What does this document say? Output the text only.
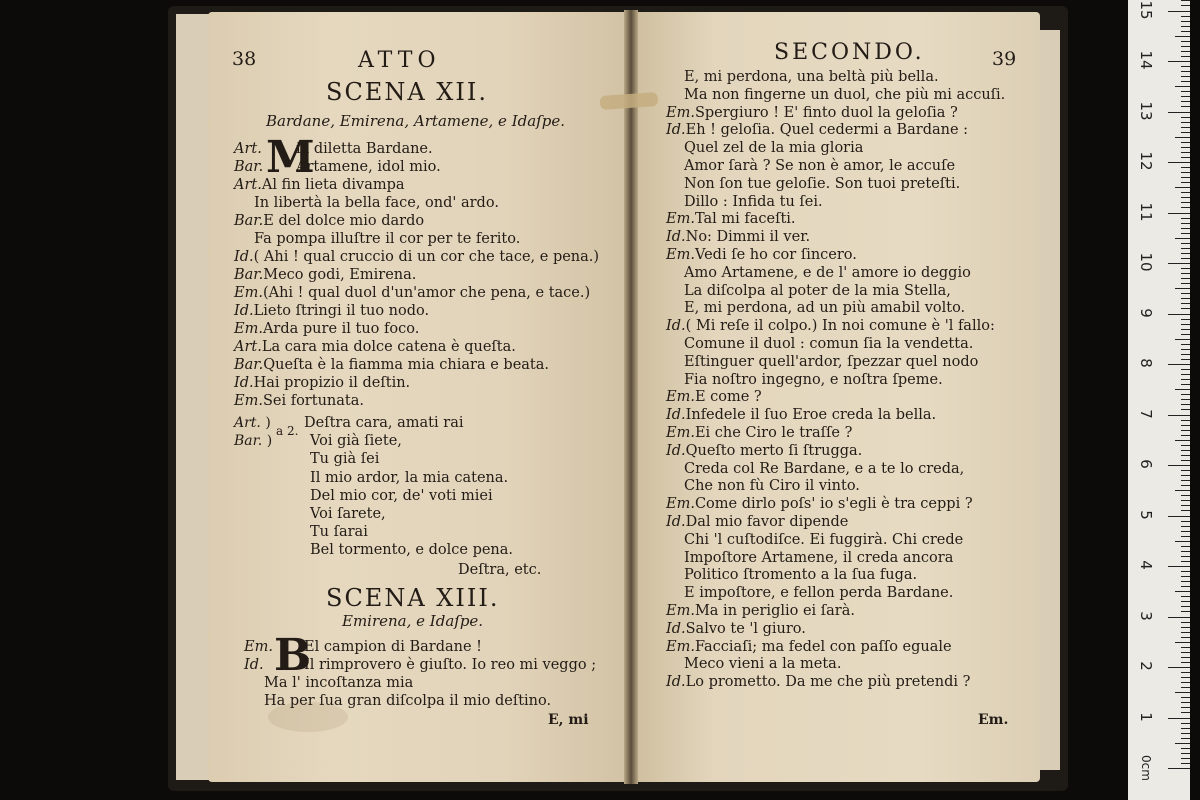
38	ATTO
SCENA XII.
Bardane, Emirena, Artamene, e Idaſpe.
M
Art. ia diletta Bardane.
Bar. Artamene, idol mio.
Art.Al fin lieta divampa
In libertà la bella face, ond' ardo.
Bar.E del dolce mio dardo
Fa pompa illuſtre il cor per te ferito.
Id.( Ahi ! qual cruccio di un cor che tace, e pena.)
Bar.Meco godi, Emirena.
Em.(Ahi ! qual duol d'un'amor che pena, e tace.)
Id.Lieto ſtringi il tuo nodo.
Em.Arda pure il tuo foco.
Art.La cara mia dolce catena è queſta.
Bar.Queſta è la fiamma mia chiara e beata.
Id.Hai propizio il deſtin.
Em.Sei fortunata.
Art. )
Bar. )
a 2. Deſtra cara, amati rai
Voi già ſiete,
Tu già ſei
Il mio ardor, la mia catena.
Del mio cor, de' voti miei
Voi ſarete,
Tu ſarai
Bel tormento, e dolce pena.
Deſtra, etc.
SCENA XIII.
Emirena, e Idaſpe.
B
Em. El campion di Bardane !
Id.	Il rimprovero è giuſto. Io reo mi veggo ;
Ma l' incoſtanza mia
Ha per ſua gran diſcolpa il mio deſtino.
E, mi
SECONDO.	39
E, mi perdona, una beltà più bella.
Ma non fingerne un duol, che più mi accuſi.
Em.Spergiuro ! E' finto duol la geloſia ?
Id.Eh ! geloſia. Quel cedermi a Bardane :
Quel zel de la mia gloria
Amor ſarà ? Se non è amor, le accuſe
Non ſon tue geloſie. Son tuoi preteſti.
Dillo : Infida tu ſei.
Em.Tal mi faceſti.
Id.No: Dimmi il ver.
Em.Vedi ſe ho cor ſincero.
Amo Artamene, e de l' amore io deggio
La diſcolpa al poter de la mia Stella,
E, mi perdona, ad un più amabil volto.
Id.( Mi reſe il colpo.) In noi comune è 'l fallo:
Comune il duol : comun ſia la vendetta.
Eſtinguer quell'ardor, ſpezzar quel nodo
Fia noſtro ingegno, e noſtra ſpeme.
Em.E come ?
Id.Infedele il ſuo Eroe creda la bella.
Em.Ei che Ciro le traſſe ?
Id.Queſto merto ſi ſtrugga.
Creda col Re Bardane, e a te lo creda,
Che non fù Ciro il vinto.
Em.Come dirlo poſs' io s'egli è tra ceppi ?
Id.Dal mio favor dipende
Chi 'l cuſtodiſce. Ei fuggirà. Chi crede
Impoſtore Artamene, il creda ancora
Politico ſtromento a la ſua fuga.
E impoſtore, e fellon perda Bardane.
Em.Ma in periglio ei ſarà.
Id.Salvo te 'l giuro.
Em.Facciaſi; ma fedel con paſſo eguale
Meco vieni a la meta.
Id.Lo prometto. Da me che più pretendi ?
Em.
15
14
13
12
11
10
9
8
7
6
5
4
3
2
1
0cm
